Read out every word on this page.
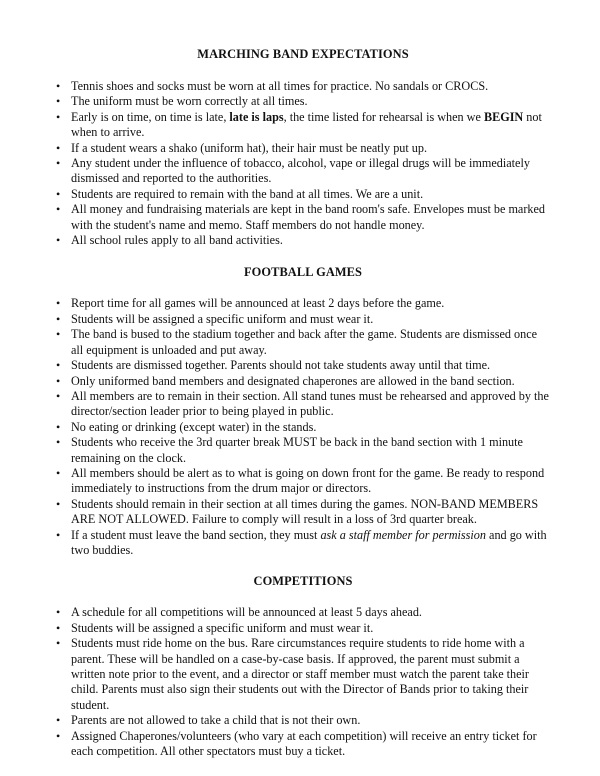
MARCHING BAND EXPECTATIONS
• Tennis shoes and socks must be worn at all times for practice. No sandals or CROCS.
• The uniform must be worn correctly at all times.
• Early is on time, on time is late, late is laps, the time listed for rehearsal is when we BEGIN not when to arrive.
• If a student wears a shako (uniform hat), their hair must be neatly put up.
• Any student under the influence of tobacco, alcohol, vape or illegal drugs will be immediately dismissed and reported to the authorities.
• Students are required to remain with the band at all times. We are a unit.
• All money and fundraising materials are kept in the band room's safe. Envelopes must be marked with the student's name and memo. Staff members do not handle money.
• All school rules apply to all band activities.
FOOTBALL GAMES
• Report time for all games will be announced at least 2 days before the game.
• Students will be assigned a specific uniform and must wear it.
• The band is bused to the stadium together and back after the game. Students are dismissed once all equipment is unloaded and put away.
• Students are dismissed together. Parents should not take students away until that time.
• Only uniformed band members and designated chaperones are allowed in the band section.
• All members are to remain in their section. All stand tunes must be rehearsed and approved by the director/section leader prior to being played in public.
• No eating or drinking (except water) in the stands.
• Students who receive the 3rd quarter break MUST be back in the band section with 1 minute remaining on the clock.
• All members should be alert as to what is going on down front for the game. Be ready to respond immediately to instructions from the drum major or directors.
• Students should remain in their section at all times during the games. NON-BAND MEMBERS ARE NOT ALLOWED. Failure to comply will result in a loss of 3rd quarter break.
• If a student must leave the band section, they must ask a staff member for permission and go with two buddies.
COMPETITIONS
• A schedule for all competitions will be announced at least 5 days ahead.
• Students will be assigned a specific uniform and must wear it.
• Students must ride home on the bus. Rare circumstances require students to ride home with a parent. These will be handled on a case-by-case basis. If approved, the parent must submit a written note prior to the event, and a director or staff member must watch the parent take their child. Parents must also sign their students out with the Director of Bands prior to taking their student.
• Parents are not allowed to take a child that is not their own.
• Assigned Chaperones/volunteers (who vary at each competition) will receive an entry ticket for each competition. All other spectators must buy a ticket.
